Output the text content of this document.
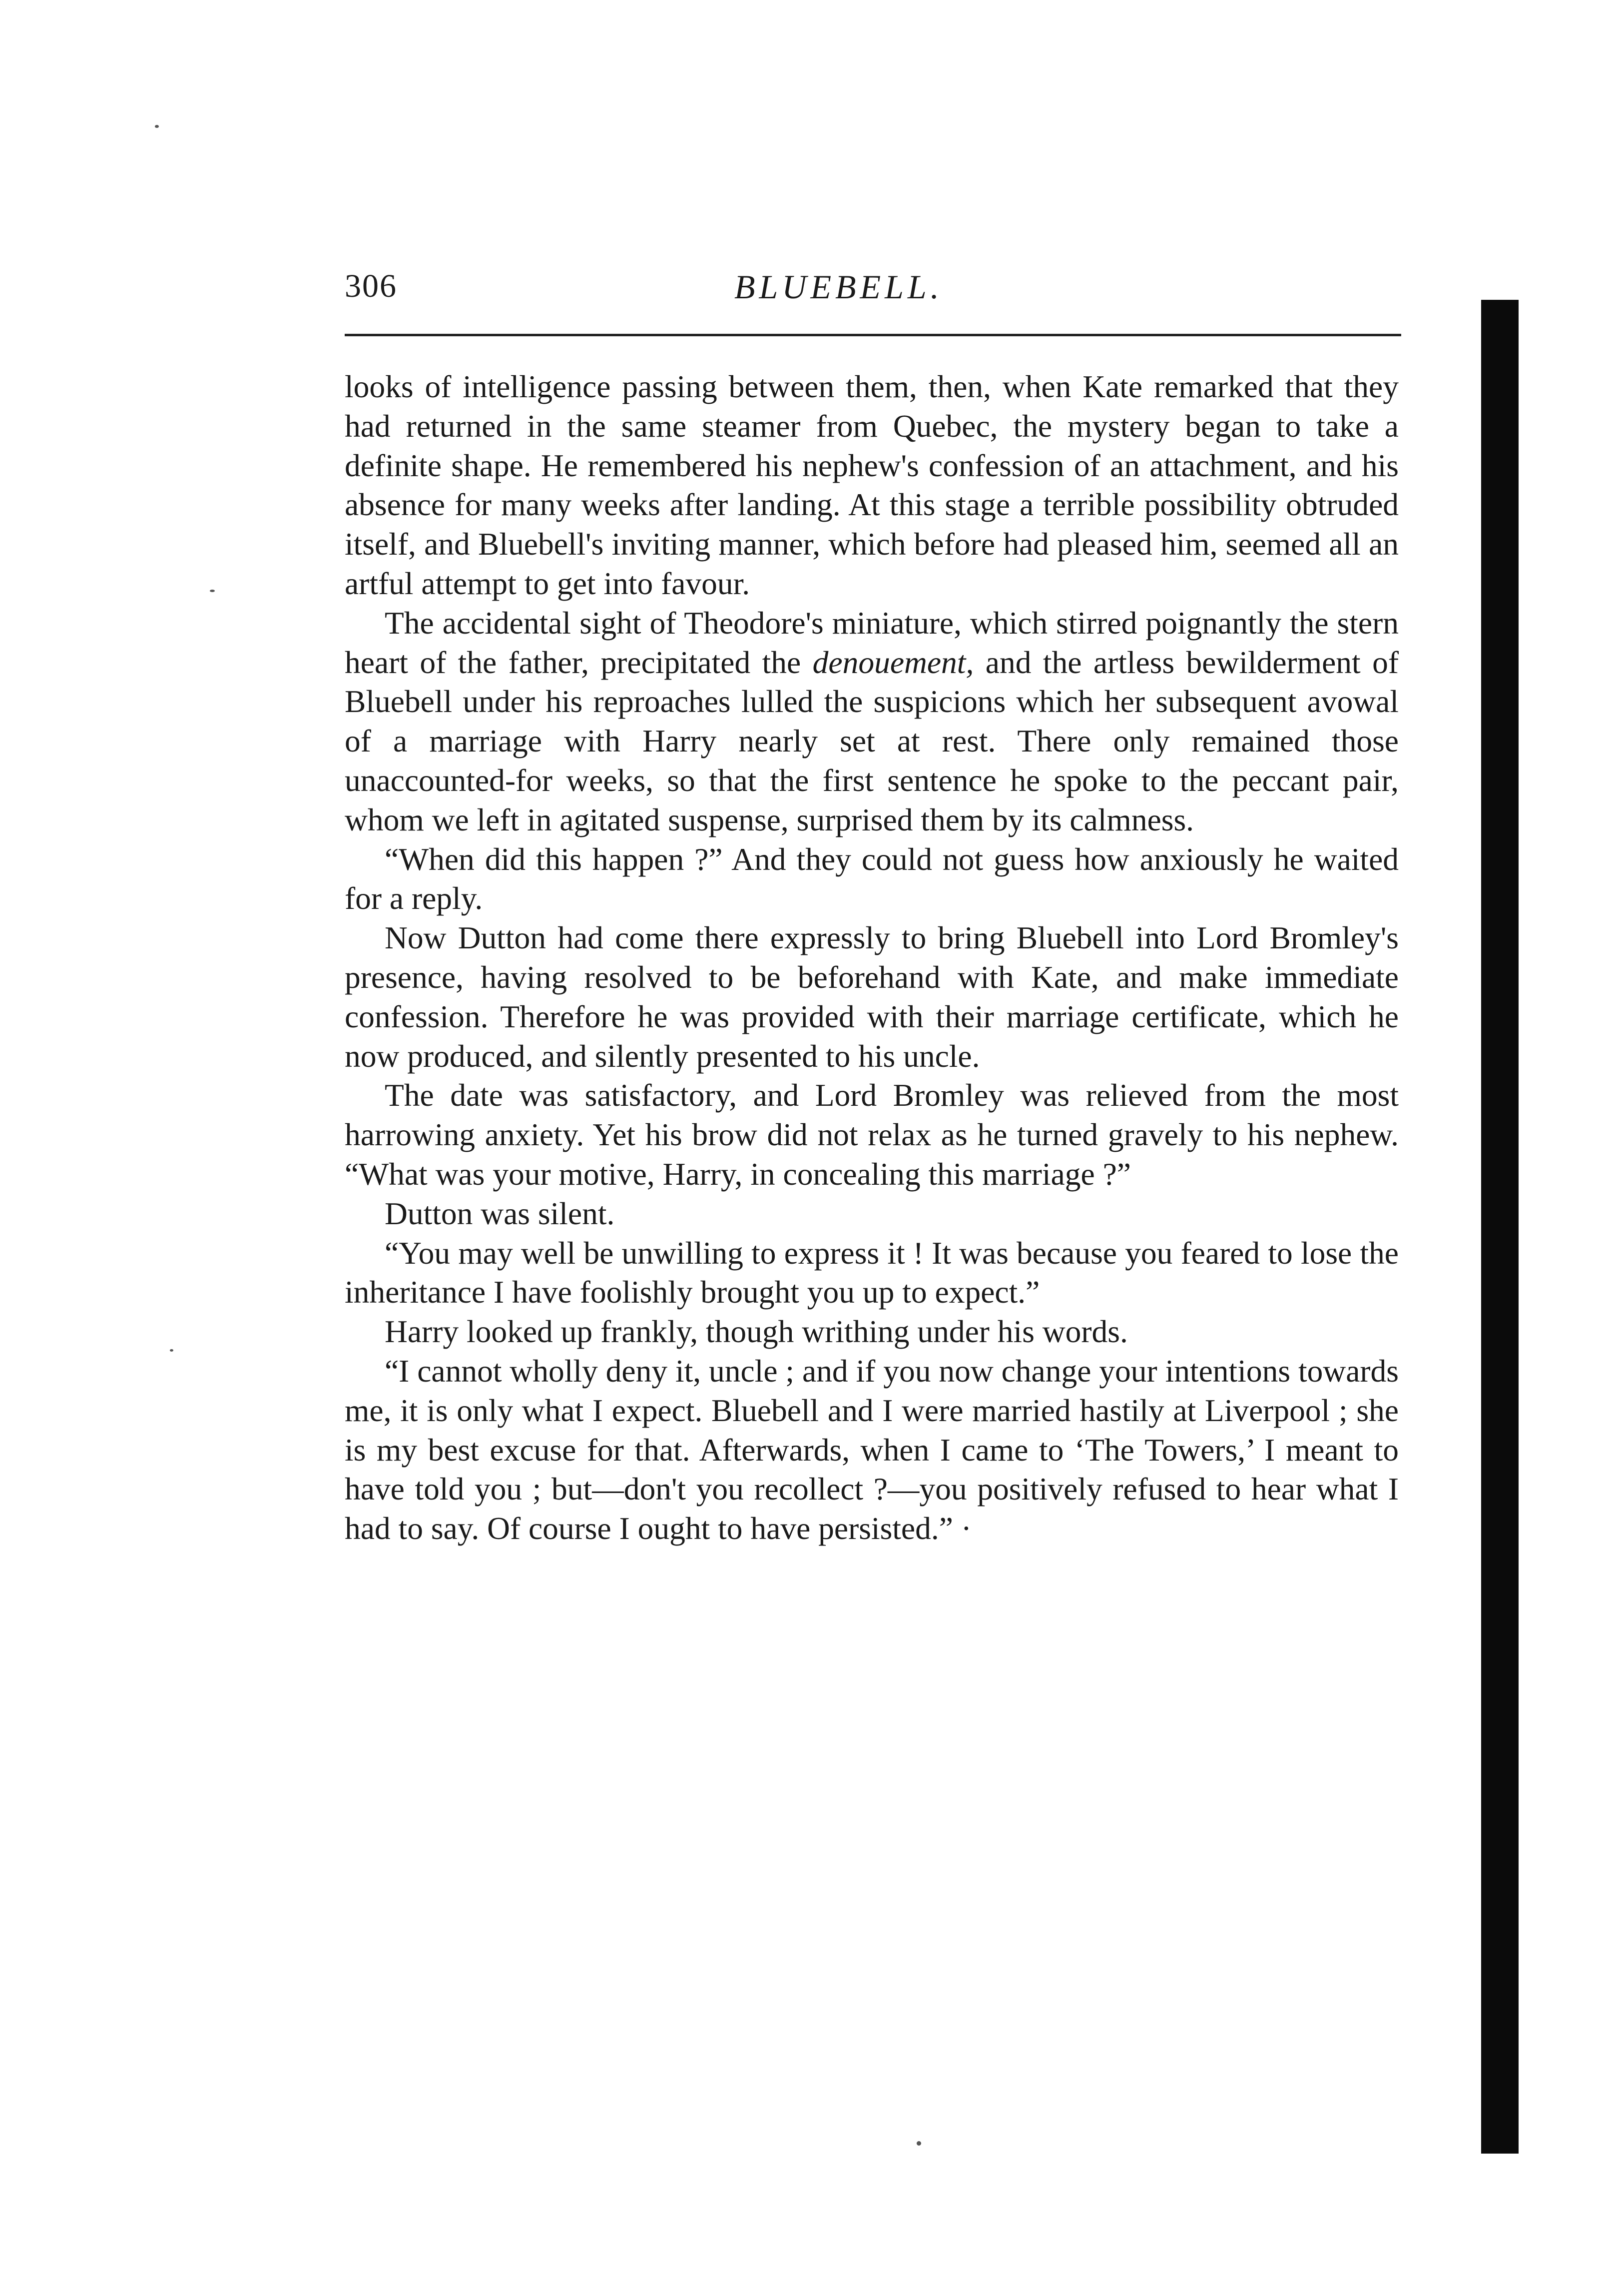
306	BLUEBELL.

looks of intelligence passing between them, then, when Kate remarked that they had returned in the same steamer from Quebec, the mystery began to take a definite shape. He remembered his nephew's confession of an attachment, and his absence for many weeks after landing. At this stage a terrible possibility obtruded itself, and Bluebell's inviting manner, which before had pleased him, seemed all an artful attempt to get into favour.

The accidental sight of Theodore's miniature, which stirred poignantly the stern heart of the father, precipitated the denouement, and the artless bewilderment of Bluebell under his reproaches lulled the suspicions which her subsequent avowal of a marriage with Harry nearly set at rest. There only remained those unaccounted-for weeks, so that the first sentence he spoke to the peccant pair, whom we left in agitated suspense, surprised them by its calmness.

“When did this happen ?” And they could not guess how anxiously he waited for a reply.

Now Dutton had come there expressly to bring Bluebell into Lord Bromley's presence, having resolved to be beforehand with Kate, and make immediate confession. Therefore he was provided with their marriage certificate, which he now produced, and silently presented to his uncle.

The date was satisfactory, and Lord Bromley was relieved from the most harrowing anxiety. Yet his brow did not relax as he turned gravely to his nephew. “What was your motive, Harry, in concealing this marriage ?”

Dutton was silent.

“You may well be unwilling to express it ! It was because you feared to lose the inheritance I have foolishly brought you up to expect.”

Harry looked up frankly, though writhing under his words.

“I cannot wholly deny it, uncle ; and if you now change your intentions towards me, it is only what I expect. Bluebell and I were married hastily at Liverpool ; she is my best excuse for that. Afterwards, when I came to ‘The Towers,’ I meant to have told you ; but—don't you recollect ?—you positively refused to hear what I had to say. Of course I ought to have persisted.” ·
